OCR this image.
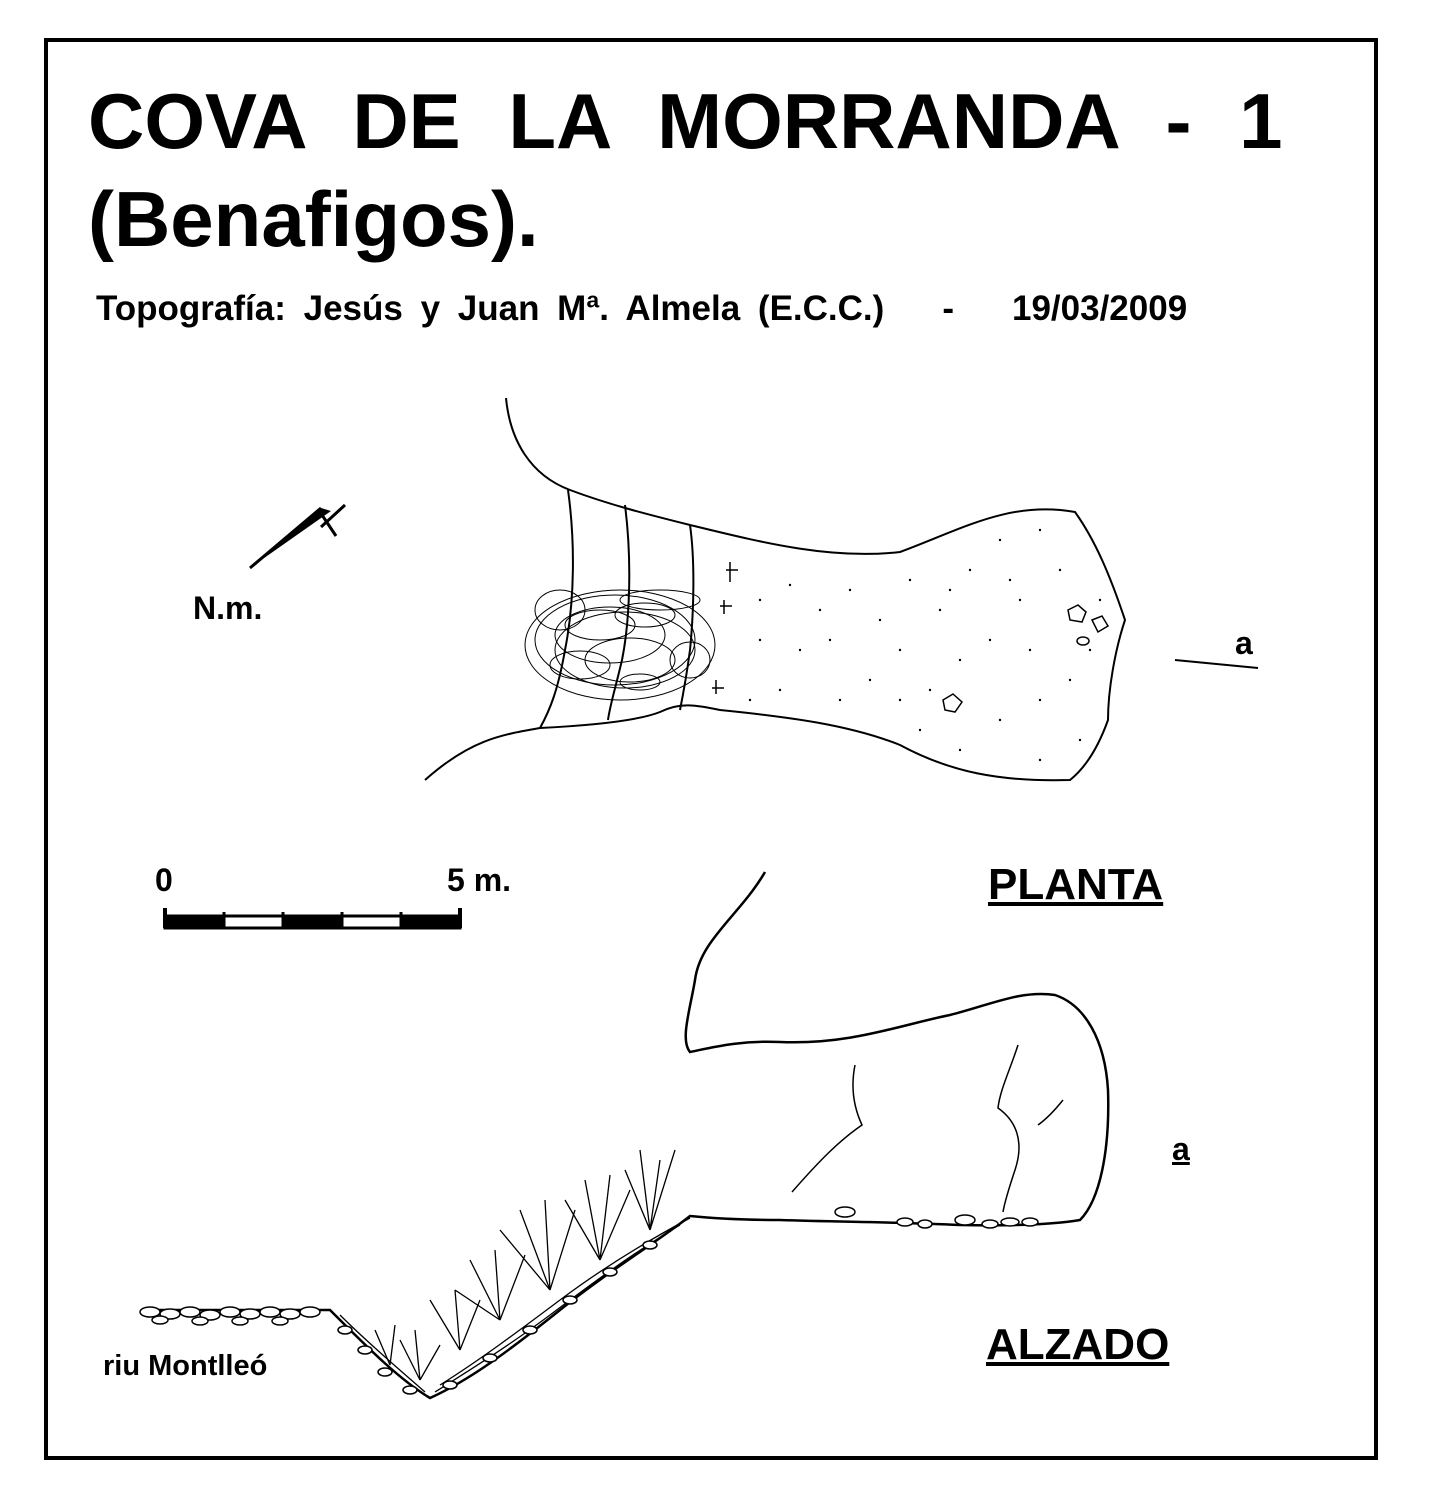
COVA DE LA MORRANDA - 1
(Benafigos).
Topografía: Jesús y Juan Mª. Almela (E.C.C.) - 19/03/2009
N.m.
0	5 m.	PLANTA
ALZADO
a
a
riu Montlleó
